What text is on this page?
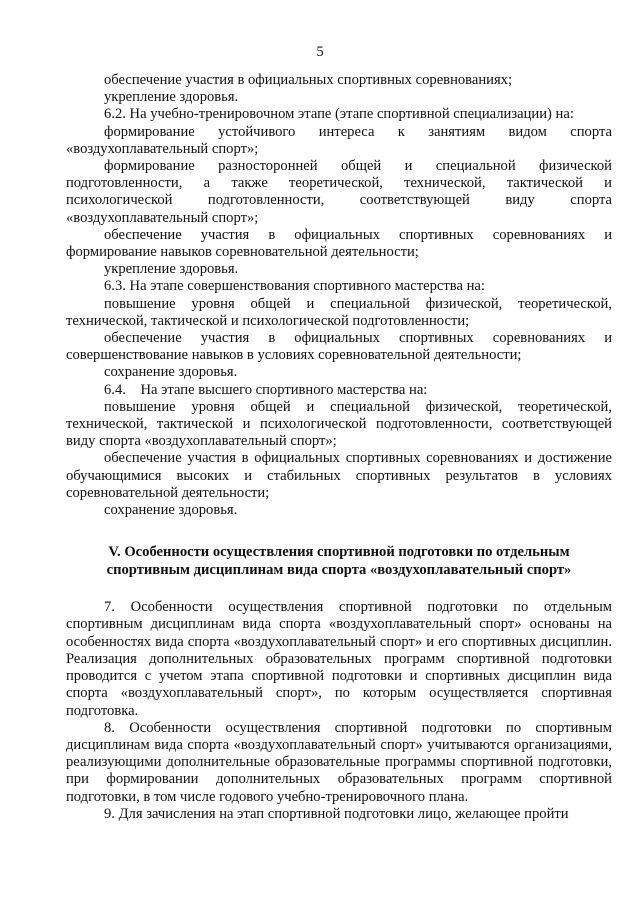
5

обеспечение участия в официальных спортивных соревнованиях;

укрепление здоровья.

6.2. На учебно-тренировочном этапе (этапе спортивной специализации) на:

формирование устойчивого интереса к занятиям видом спорта «воздухоплавательный спорт»;

формирование разносторонней общей и специальной физической подготовленности, а также теоретической, технической, тактической и психологической подготовленности, соответствующей виду спорта «воздухоплавательный спорт»;

обеспечение участия в официальных спортивных соревнованиях и формирование навыков соревновательной деятельности;

укрепление здоровья.

6.3. На этапе совершенствования спортивного мастерства на:

повышение уровня общей и специальной физической, теоретической, технической, тактической и психологической подготовленности;

обеспечение участия в официальных спортивных соревнованиях и совершенствование навыков в условиях соревновательной деятельности;

сохранение здоровья.

6.4.    На этапе высшего спортивного мастерства на:

повышение уровня общей и специальной физической, теоретической, технической, тактической и психологической подготовленности, соответствующей виду спорта «воздухоплавательный спорт»;

обеспечение участия в официальных спортивных соревнованиях и достижение обучающимися высоких и стабильных спортивных результатов в условиях соревновательной деятельности;

сохранение здоровья.

V. Особенности осуществления спортивной подготовки по отдельным спортивным дисциплинам вида спорта «воздухоплавательный спорт»

7. Особенности осуществления спортивной подготовки по отдельным спортивным дисциплинам вида спорта «воздухоплавательный спорт» основаны на особенностях вида спорта «воздухоплавательный спорт» и его спортивных дисциплин. Реализация дополнительных образовательных программ спортивной подготовки проводится с учетом этапа спортивной подготовки и спортивных дисциплин вида спорта «воздухоплавательный спорт», по которым осуществляется спортивная подготовка.

8. Особенности осуществления спортивной подготовки по спортивным дисциплинам вида спорта «воздухоплавательный спорт» учитываются организациями, реализующими дополнительные образовательные программы спортивной подготовки, при формировании дополнительных образовательных программ спортивной подготовки, в том числе годового учебно-тренировочного плана.

9. Для зачисления на этап спортивной подготовки лицо, желающее пройти
